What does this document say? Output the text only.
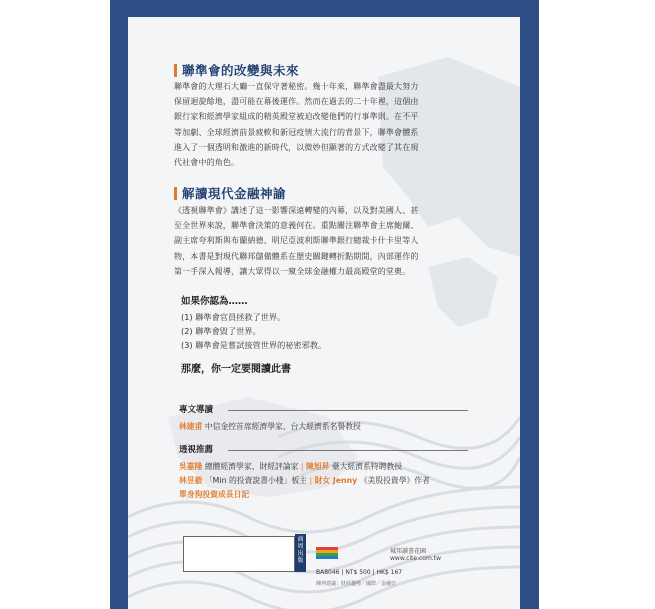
聯準會的改變與未來
聯準會的大理石大廳一直保守著秘密。幾十年來，聯準會盡最大努力
保留迴旋餘地，盡可能在幕後運作。然而在過去的二十年裡，這個由
銀行家和經濟學家組成的精英殿堂被迫改變他們的行事準則。在不平
等加劇、全球經濟前景疲軟和新冠疫情大流行的背景下，聯準會體系
進入了一個透明和激進的新時代，以微妙但顯著的方式改變了其在現
代社會中的角色。
解讀現代金融神諭
《透視聯準會》講述了這一影響深遠轉變的內幕，以及對美國人、甚
至全世界來說，聯準會決策的意義何在。重點關注聯準會主席鮑爾、
副主席夸利斯與布蘭納德、明尼亞波利斯聯準銀行總裁卡什卡里等人
物，本書是對現代聯邦儲備體系在歷史關鍵轉折點期間，內部運作的
第一手深入報導，讓大眾得以一窺全球金融權力最高殿堂的堂奧。
如果你認為……
(1) 聯準會官員拯救了世界。
(2) 聯準會毀了世界。
(3) 聯準會是嘗試接管世界的祕密邪教。
那麼，你一定要閱讀此書
專文導讀
林建甫 中信金控首席經濟學家、台大經濟系名譽教授
透視推薦
吳嘉隆 總體經濟學家、財經評論家 | 陳旭昇 臺大經濟系特聘教授
林昱毅 「Min 的投資說書小棧」板主 | 財女 Jenny 《美股投資學》作者
單身狗投資成長日記
商周出版
城邦讀書花園
www.cite.com.tw
BA8046 | NT$ 500 | HK$ 167
陳列建議：財經趨勢／國際／金融史
